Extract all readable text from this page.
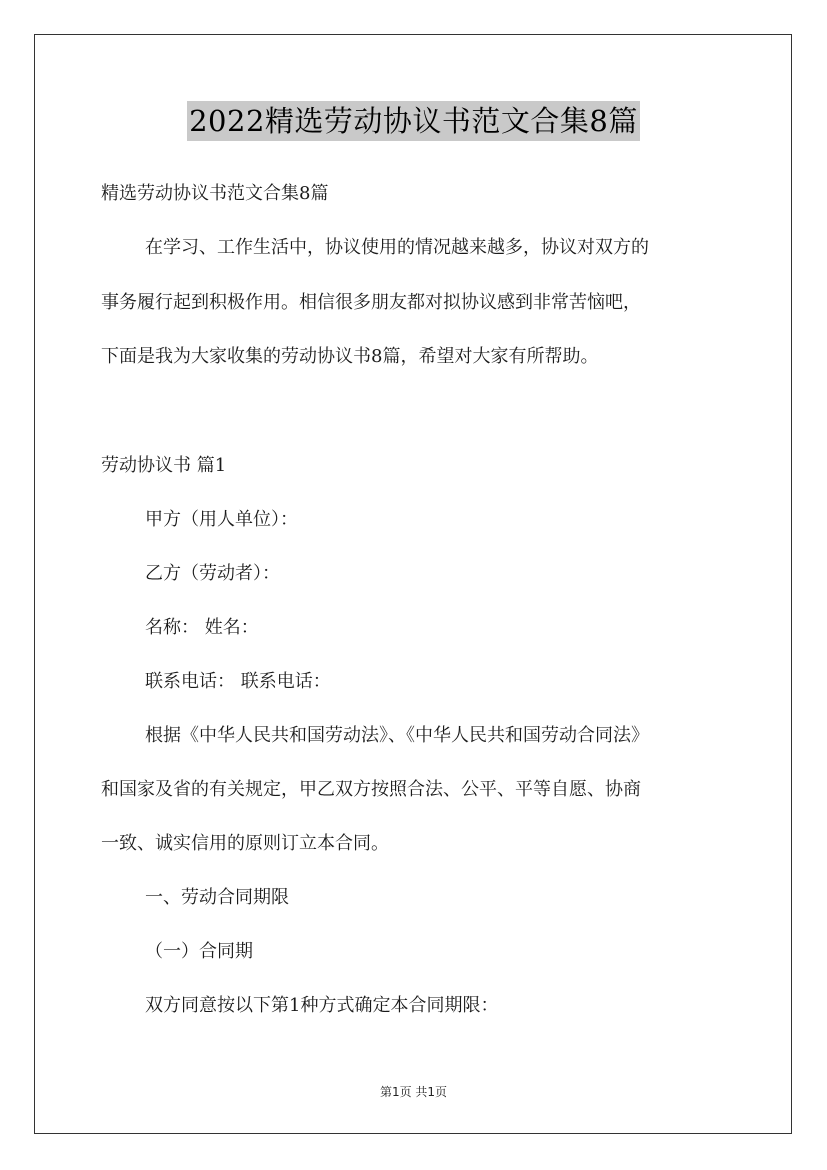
2022精选劳动协议书范文合集8篇
精选劳动协议书范文合集8篇
在学习、工作生活中，协议使用的情况越来越多，协议对双方的
事务履行起到积极作用。相信很多朋友都对拟协议感到非常苦恼吧，
下面是我为大家收集的劳动协议书8篇，希望对大家有所帮助。
劳动协议书 篇1
甲方（用人单位）：
乙方（劳动者）：
名称： 姓名：
联系电话： 联系电话：
根据《中华人民共和国劳动法》、《中华人民共和国劳动合同法》
和国家及省的有关规定，甲乙双方按照合法、公平、平等自愿、协商
一致、诚实信用的原则订立本合同。
一、劳动合同期限
（一）合同期
双方同意按以下第1种方式确定本合同期限：
第1页 共1页
